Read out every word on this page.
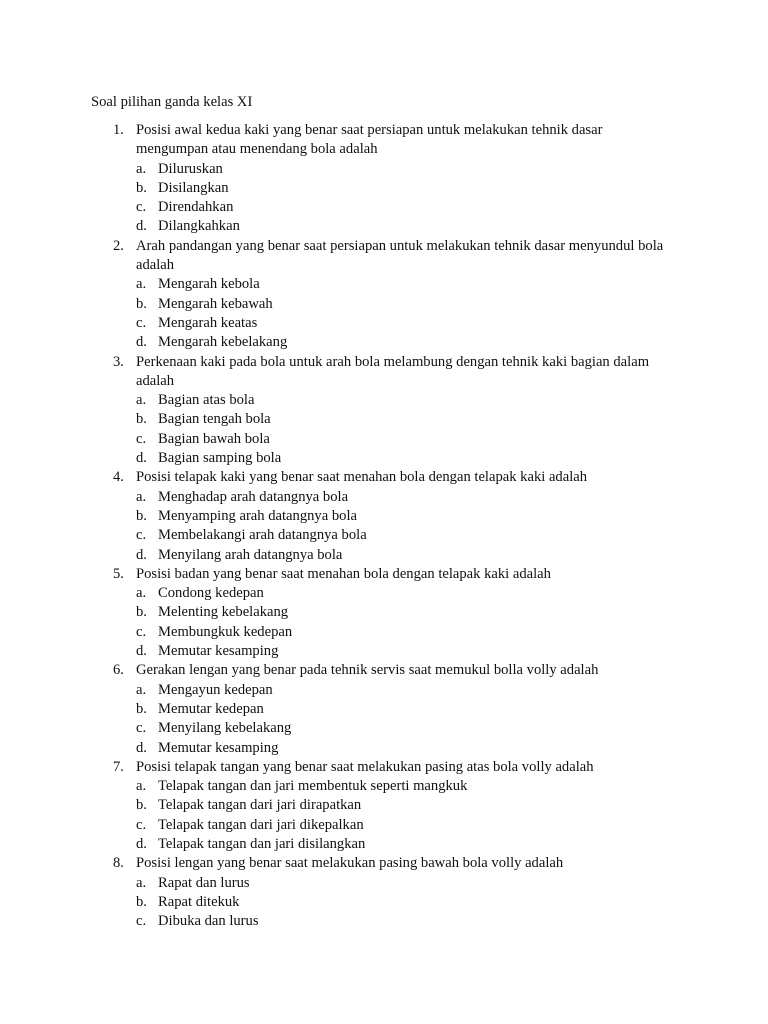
Soal pilihan ganda kelas XI
1. Posisi awal kedua kaki yang benar saat persiapan untuk melakukan tehnik dasar mengumpan atau menendang bola adalah
a. Diluruskan
b. Disilangkan
c. Direndahkan
d. Dilangkahkan
2. Arah pandangan yang benar saat persiapan untuk melakukan tehnik dasar menyundul bola adalah
a. Mengarah kebola
b. Mengarah kebawah
c. Mengarah keatas
d. Mengarah kebelakang
3. Perkenaan kaki pada bola untuk arah bola melambung dengan tehnik kaki bagian dalam adalah
a. Bagian atas bola
b. Bagian tengah bola
c. Bagian bawah bola
d. Bagian samping bola
4. Posisi telapak kaki yang benar saat menahan bola dengan telapak kaki adalah
a. Menghadap arah datangnya bola
b. Menyamping arah datangnya bola
c. Membelakangi arah datangnya bola
d. Menyilang arah datangnya bola
5. Posisi badan yang benar saat menahan bola dengan telapak kaki adalah
a. Condong kedepan
b. Melenting kebelakang
c. Membungkuk kedepan
d. Memutar kesamping
6. Gerakan lengan yang benar pada tehnik servis saat memukul bolla volly adalah
a. Mengayun kedepan
b. Memutar kedepan
c. Menyilang kebelakang
d. Memutar kesamping
7. Posisi telapak tangan yang benar saat melakukan pasing atas bola volly adalah
a. Telapak tangan dan jari membentuk seperti mangkuk
b. Telapak tangan dari jari dirapatkan
c. Telapak tangan dari jari dikepalkan
d. Telapak tangan dan jari disilangkan
8. Posisi lengan yang benar saat melakukan pasing bawah bola volly adalah
a. Rapat dan lurus
b. Rapat ditekuk
c. Dibuka dan lurus
